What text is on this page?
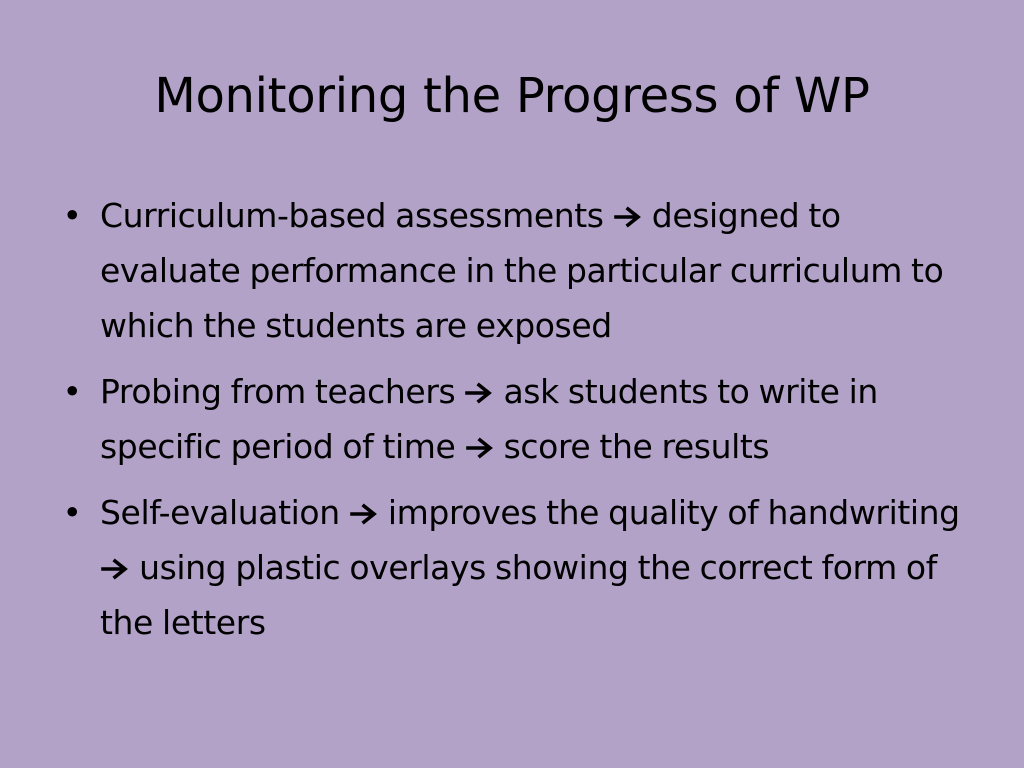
Monitoring the Progress of WP
• Curriculum-based assessments designed to evaluate performance in the particular curriculum to which the students are exposed
• Probing from teachers ask students to write in specific period of time score the results
• Self-evaluation improves the quality of handwriting  using plastic overlays showing the correct form of the letters
